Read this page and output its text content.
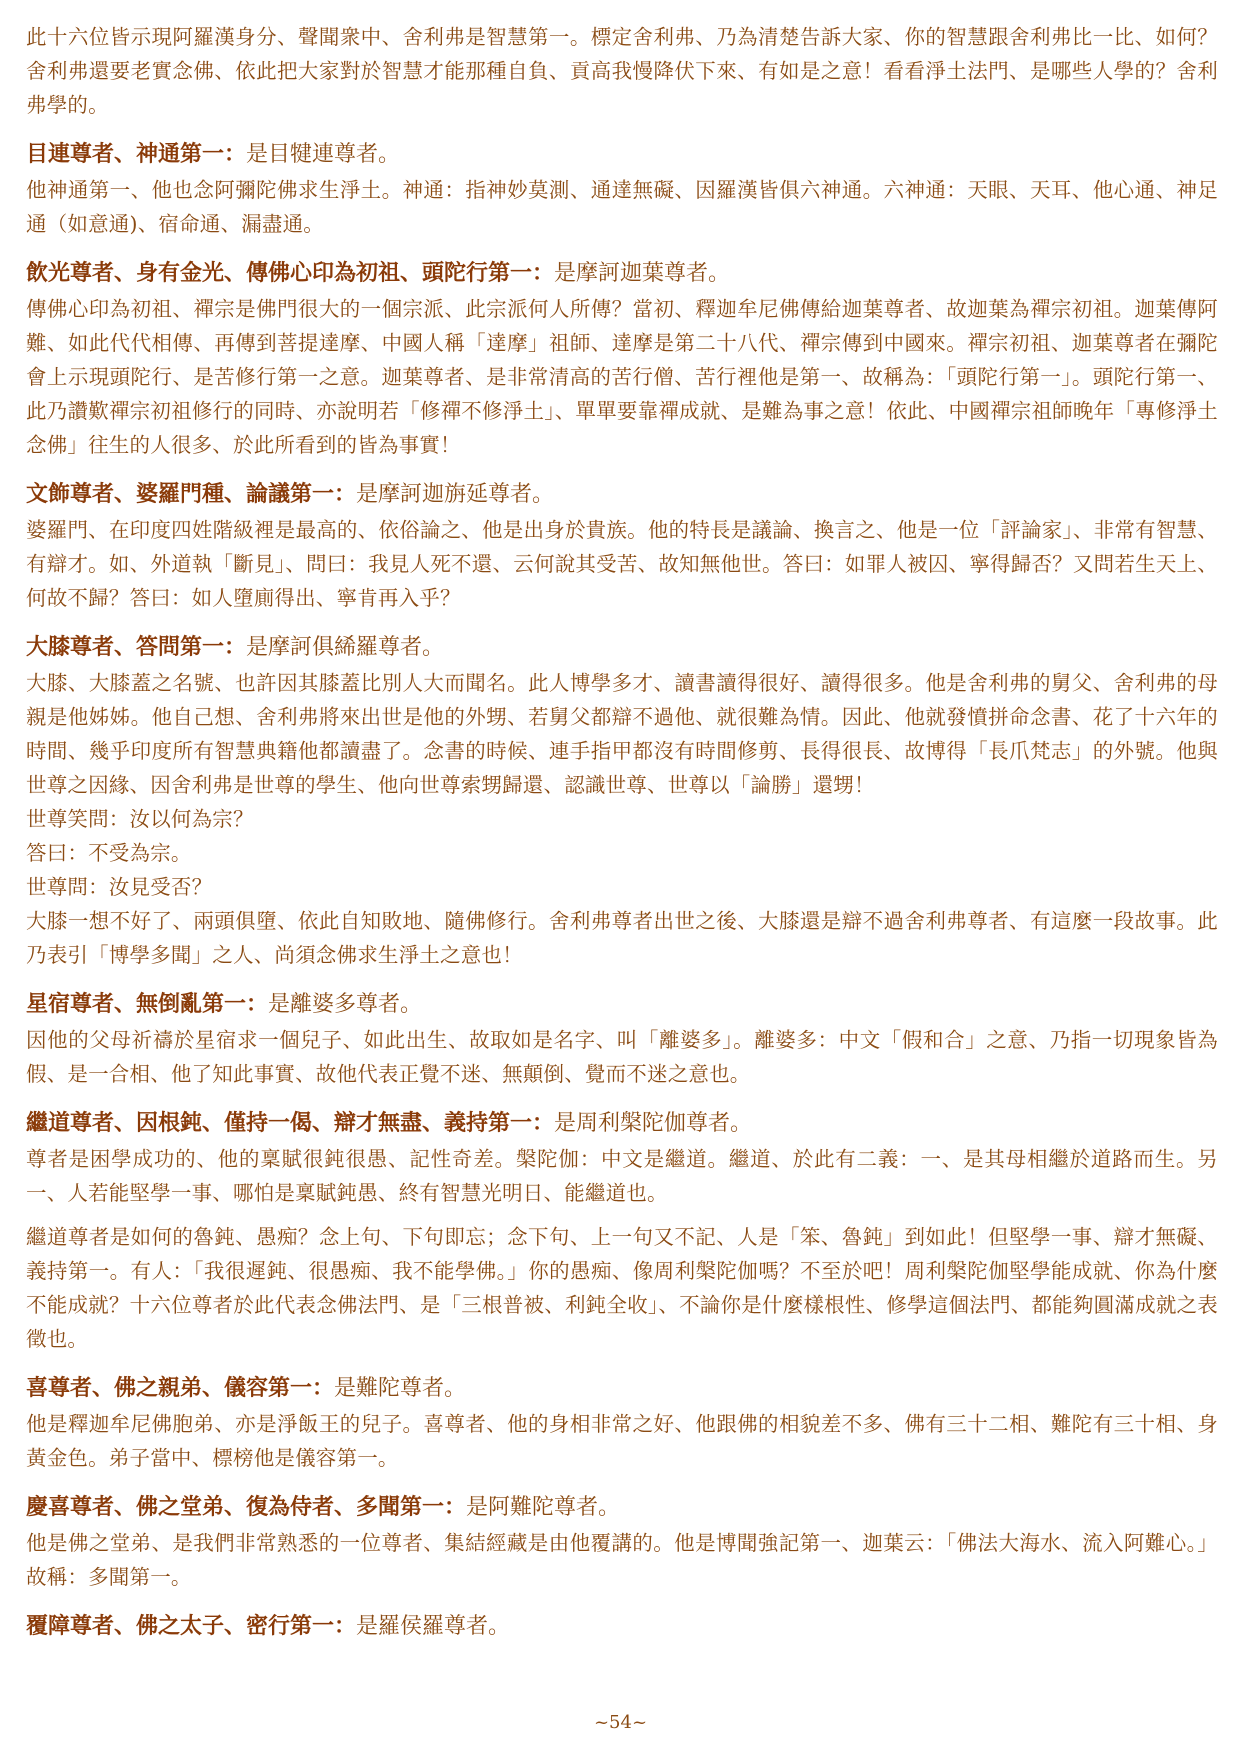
此十六位皆示現阿羅漢身分、聲聞衆中、舍利弗是智慧第一。標定舍利弗、乃為清楚告訴大家、你的智慧跟舍利弗比一比、如何？舍利弗還要老實念佛、依此把大家對於智慧才能那種自負、貢高我慢降伏下來、有如是之意！看看淨土法門、是哪些人學的？舍利弗學的。

目連尊者、神通第一：是目犍連尊者。

他神通第一、他也念阿彌陀佛求生淨土。神通：指神妙莫測、通達無礙、因羅漢皆俱六神通。六神通：天眼、天耳、他心通、神足通（如意通)、宿命通、漏盡通。

飲光尊者、身有金光、傳佛心印為初祖、頭陀行第一：是摩訶迦葉尊者。

傳佛心印為初祖、禪宗是佛門很大的一個宗派、此宗派何人所傳？當初、釋迦牟尼佛傳給迦葉尊者、故迦葉為禪宗初祖。迦葉傳阿難、如此代代相傳、再傳到菩提達摩、中國人稱「達摩」祖師、達摩是第二十八代、禪宗傳到中國來。禪宗初祖、迦葉尊者在彌陀會上示現頭陀行、是苦修行第一之意。迦葉尊者、是非常清高的苦行僧、苦行裡他是第一、故稱為：「頭陀行第一」。頭陀行第一、此乃讚歎禪宗初祖修行的同時、亦說明若「修禪不修淨土」、單單要靠禪成就、是難為事之意！依此、中國禪宗祖師晚年「專修淨土念佛」往生的人很多、於此所看到的皆為事實！

文飾尊者、婆羅門種、論議第一：是摩訶迦旃延尊者。

婆羅門、在印度四姓階級裡是最高的、依俗論之、他是出身於貴族。他的特長是議論、換言之、他是一位「評論家」、非常有智慧、有辯才。如、外道執「斷見」、問曰：我見人死不還、云何說其受苦、故知無他世。答曰：如罪人被囚、寧得歸否？又問若生天上、何故不歸？答曰：如人墮廁得出、寧肯再入乎？

大膝尊者、答問第一：是摩訶俱絺羅尊者。

大膝、大膝蓋之名號、也許因其膝蓋比別人大而聞名。此人博學多才、讀書讀得很好、讀得很多。他是舍利弗的舅父、舍利弗的母親是他姊姊。他自己想、舍利弗將來出世是他的外甥、若舅父都辯不過他、就很難為情。因此、他就發憤拼命念書、花了十六年的時間、幾乎印度所有智慧典籍他都讀盡了。念書的時候、連手指甲都沒有時間修剪、長得很長、故博得「長爪梵志」的外號。他與世尊之因緣、因舍利弗是世尊的學生、他向世尊索甥歸還、認識世尊、世尊以「論勝」還甥！

世尊笑問：汝以何為宗？

答曰：不受為宗。

世尊問：汝見受否？

大膝一想不好了、兩頭俱墮、依此自知敗地、隨佛修行。舍利弗尊者出世之後、大膝還是辯不過舍利弗尊者、有這麼一段故事。此乃表引「博學多聞」之人、尚須念佛求生淨土之意也！

星宿尊者、無倒亂第一：是離婆多尊者。

因他的父母祈禱於星宿求一個兒子、如此出生、故取如是名字、叫「離婆多」。離婆多：中文「假和合」之意、乃指一切現象皆為假、是一合相、他了知此事實、故他代表正覺不迷、無顛倒、覺而不迷之意也。

繼道尊者、因根鈍、僅持一偈、辯才無盡、義持第一：是周利槃陀伽尊者。

尊者是困學成功的、他的稟賦很鈍很愚、記性奇差。槃陀伽：中文是繼道。繼道、於此有二義：一、是其母相繼於道路而生。另一、人若能堅學一事、哪怕是稟賦鈍愚、終有智慧光明日、能繼道也。

繼道尊者是如何的魯鈍、愚痴？念上句、下句即忘；念下句、上一句又不記、人是「笨、魯鈍」到如此！但堅學一事、辯才無礙、義持第一。有人：「我很遲鈍、很愚痴、我不能學佛。」你的愚痴、像周利槃陀伽嗎？不至於吧！周利槃陀伽堅學能成就、你為什麼不能成就？十六位尊者於此代表念佛法門、是「三根普被、利鈍全收」、不論你是什麼樣根性、修學這個法門、都能夠圓滿成就之表徵也。

喜尊者、佛之親弟、儀容第一：是難陀尊者。

他是釋迦牟尼佛胞弟、亦是淨飯王的兒子。喜尊者、他的身相非常之好、他跟佛的相貌差不多、佛有三十二相、難陀有三十相、身黃金色。弟子當中、標榜他是儀容第一。

慶喜尊者、佛之堂弟、復為侍者、多聞第一：是阿難陀尊者。

他是佛之堂弟、是我們非常熟悉的一位尊者、集結經藏是由他覆講的。他是博聞強記第一、迦葉云：「佛法大海水、流入阿難心。」故稱：多聞第一。

覆障尊者、佛之太子、密行第一：是羅侯羅尊者。

~54~
